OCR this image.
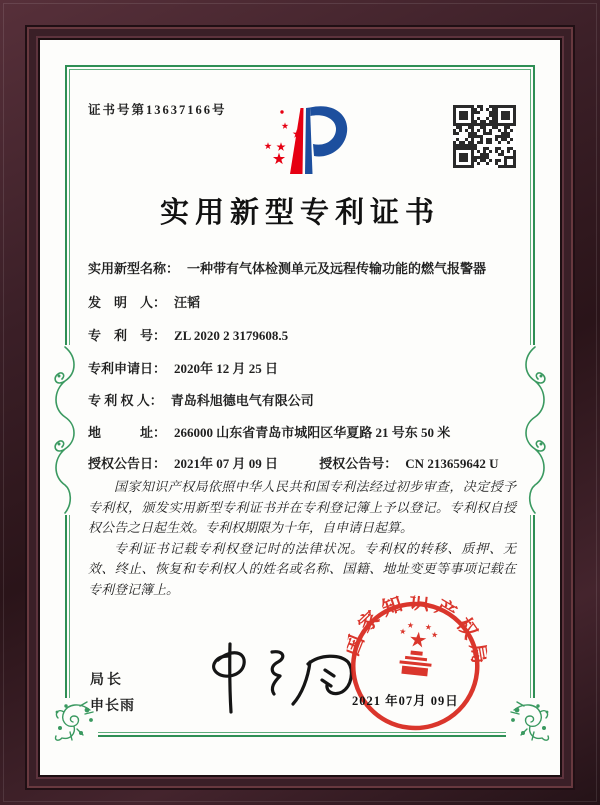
证书号第13637166号
实用新型专利证书
实用新型名称： 一种带有气体检测单元及远程传输功能的燃气报警器
发　明　人： 汪韬
专　利　号： ZL 2020 2 3179608.5
专利申请日： 2020年 12 月 25 日
专 利 权 人： 青岛科旭德电气有限公司
地　　　址： 266000 山东省青岛市城阳区华夏路 21 号东 50 米
授权公告日： 2021年 07 月 09 日	授权公告号： CN 213659642 U

国家知识产权局依照中华人民共和国专利法经过初步审查，决定授予专利权，颁发实用新型专利证书并在专利登记簿上予以登记。专利权自授权公告之日起生效。专利权期限为十年，自申请日起算。

专利证书记载专利权登记时的法律状况。专利权的转移、质押、无效、终止、恢复和专利权人的姓名或名称、国籍、地址变更等事项记载在专利登记簿上。

局长
申长雨	2021 年07月 09日
国家知识产权局
